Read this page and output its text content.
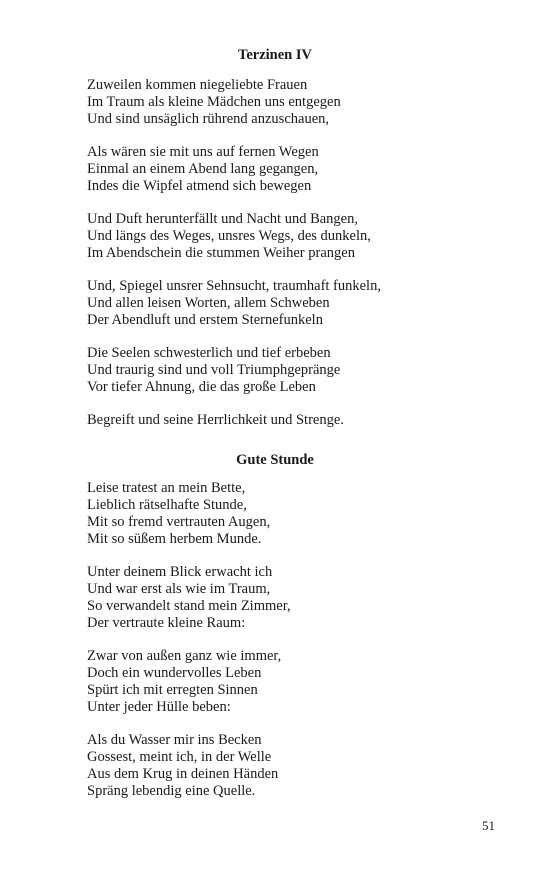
Terzinen IV
Zuweilen kommen niegeliebte Frauen
Im Traum als kleine Mädchen uns entgegen
Und sind unsäglich rührend anzuschauen,
Als wären sie mit uns auf fernen Wegen
Einmal an einem Abend lang gegangen,
Indes die Wipfel atmend sich bewegen
Und Duft herunterfällt und Nacht und Bangen,
Und längs des Weges, unsres Wegs, des dunkeln,
Im Abendschein die stummen Weiher prangen
Und, Spiegel unsrer Sehnsucht, traumhaft funkeln,
Und allen leisen Worten, allem Schweben
Der Abendluft und erstem Sternefunkeln
Die Seelen schwesterlich und tief erbeben
Und traurig sind und voll Triumphgepränge
Vor tiefer Ahnung, die das große Leben
Begreift und seine Herrlichkeit und Strenge.
Gute Stunde
Leise tratest an mein Bette,
Lieblich rätselhafte Stunde,
Mit so fremd vertrauten Augen,
Mit so süßem herbem Munde.
Unter deinem Blick erwacht ich
Und war erst als wie im Traum,
So verwandelt stand mein Zimmer,
Der vertraute kleine Raum:
Zwar von außen ganz wie immer,
Doch ein wundervolles Leben
Spürt ich mit erregten Sinnen
Unter jeder Hülle beben:
Als du Wasser mir ins Becken
Gossest, meint ich, in der Welle
Aus dem Krug in deinen Händen
Spräng lebendig eine Quelle.
51
